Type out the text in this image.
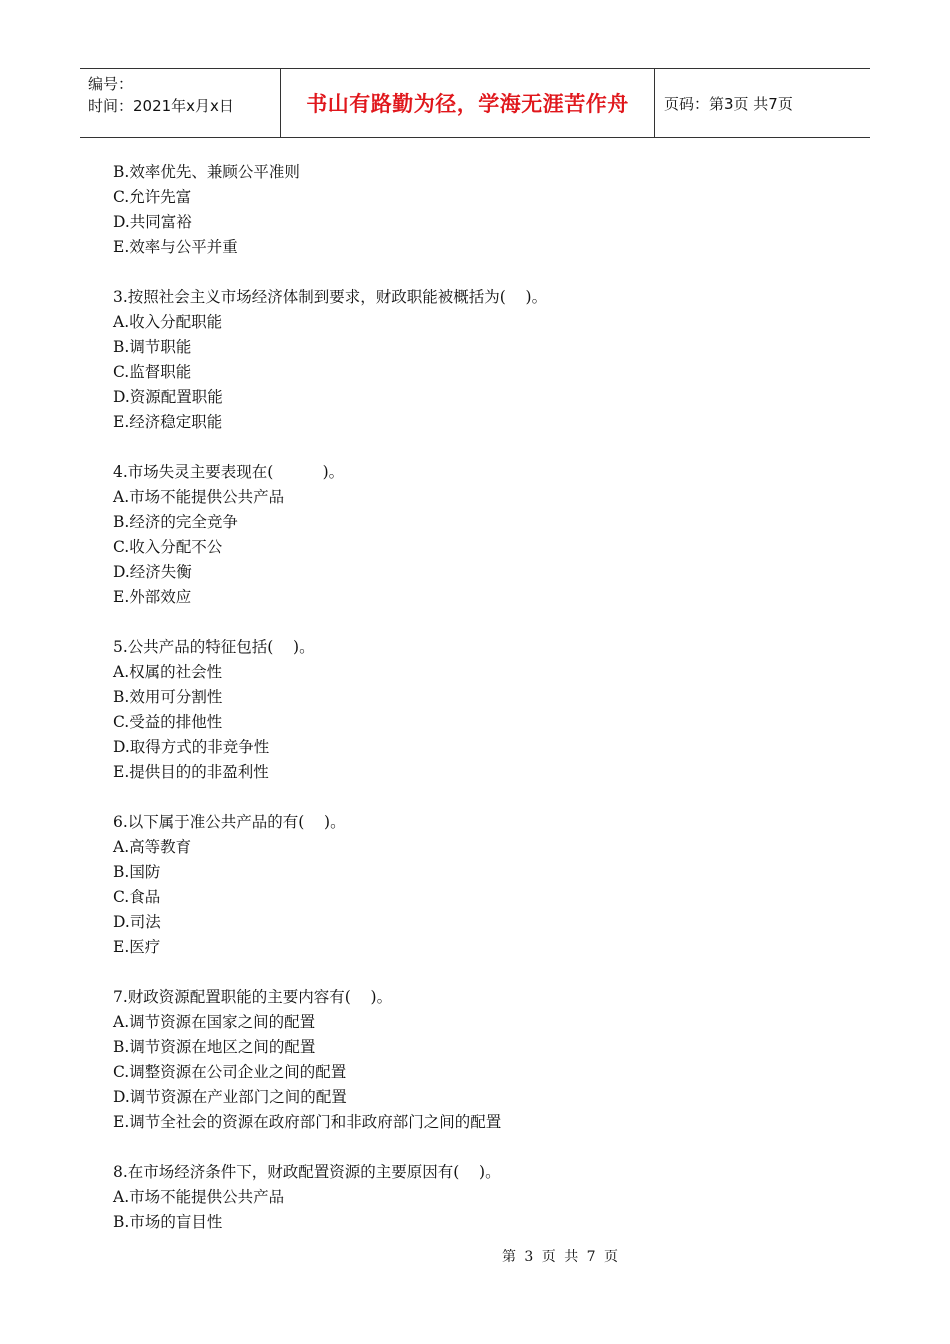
编号：
时间：2021年x月x日	书山有路勤为径，学海无涯苦作舟	页码：第3页 共7页
B.效率优先、兼顾公平准则
C.允许先富
D.共同富裕
E.效率与公平并重
3.按照社会主义市场经济体制到要求，财政职能被概括为(    )。
A.收入分配职能
B.调节职能
C.监督职能
D.资源配置职能
E.经济稳定职能
4.市场失灵主要表现在(          )。
A.市场不能提供公共产品
B.经济的完全竞争
C.收入分配不公
D.经济失衡
E.外部效应
5.公共产品的特征包括(    )。
A.权属的社会性
B.效用可分割性
C.受益的排他性
D.取得方式的非竞争性
E.提供目的的非盈利性
6.以下属于准公共产品的有(    )。
A.高等教育
B.国防
C.食品
D.司法
E.医疗
7.财政资源配置职能的主要内容有(    )。
A.调节资源在国家之间的配置
B.调节资源在地区之间的配置
C.调整资源在公司企业之间的配置
D.调节资源在产业部门之间的配置
E.调节全社会的资源在政府部门和非政府部门之间的配置
8.在市场经济条件下，财政配置资源的主要原因有(    )。
A.市场不能提供公共产品
B.市场的盲目性
第 3 页 共 7 页
